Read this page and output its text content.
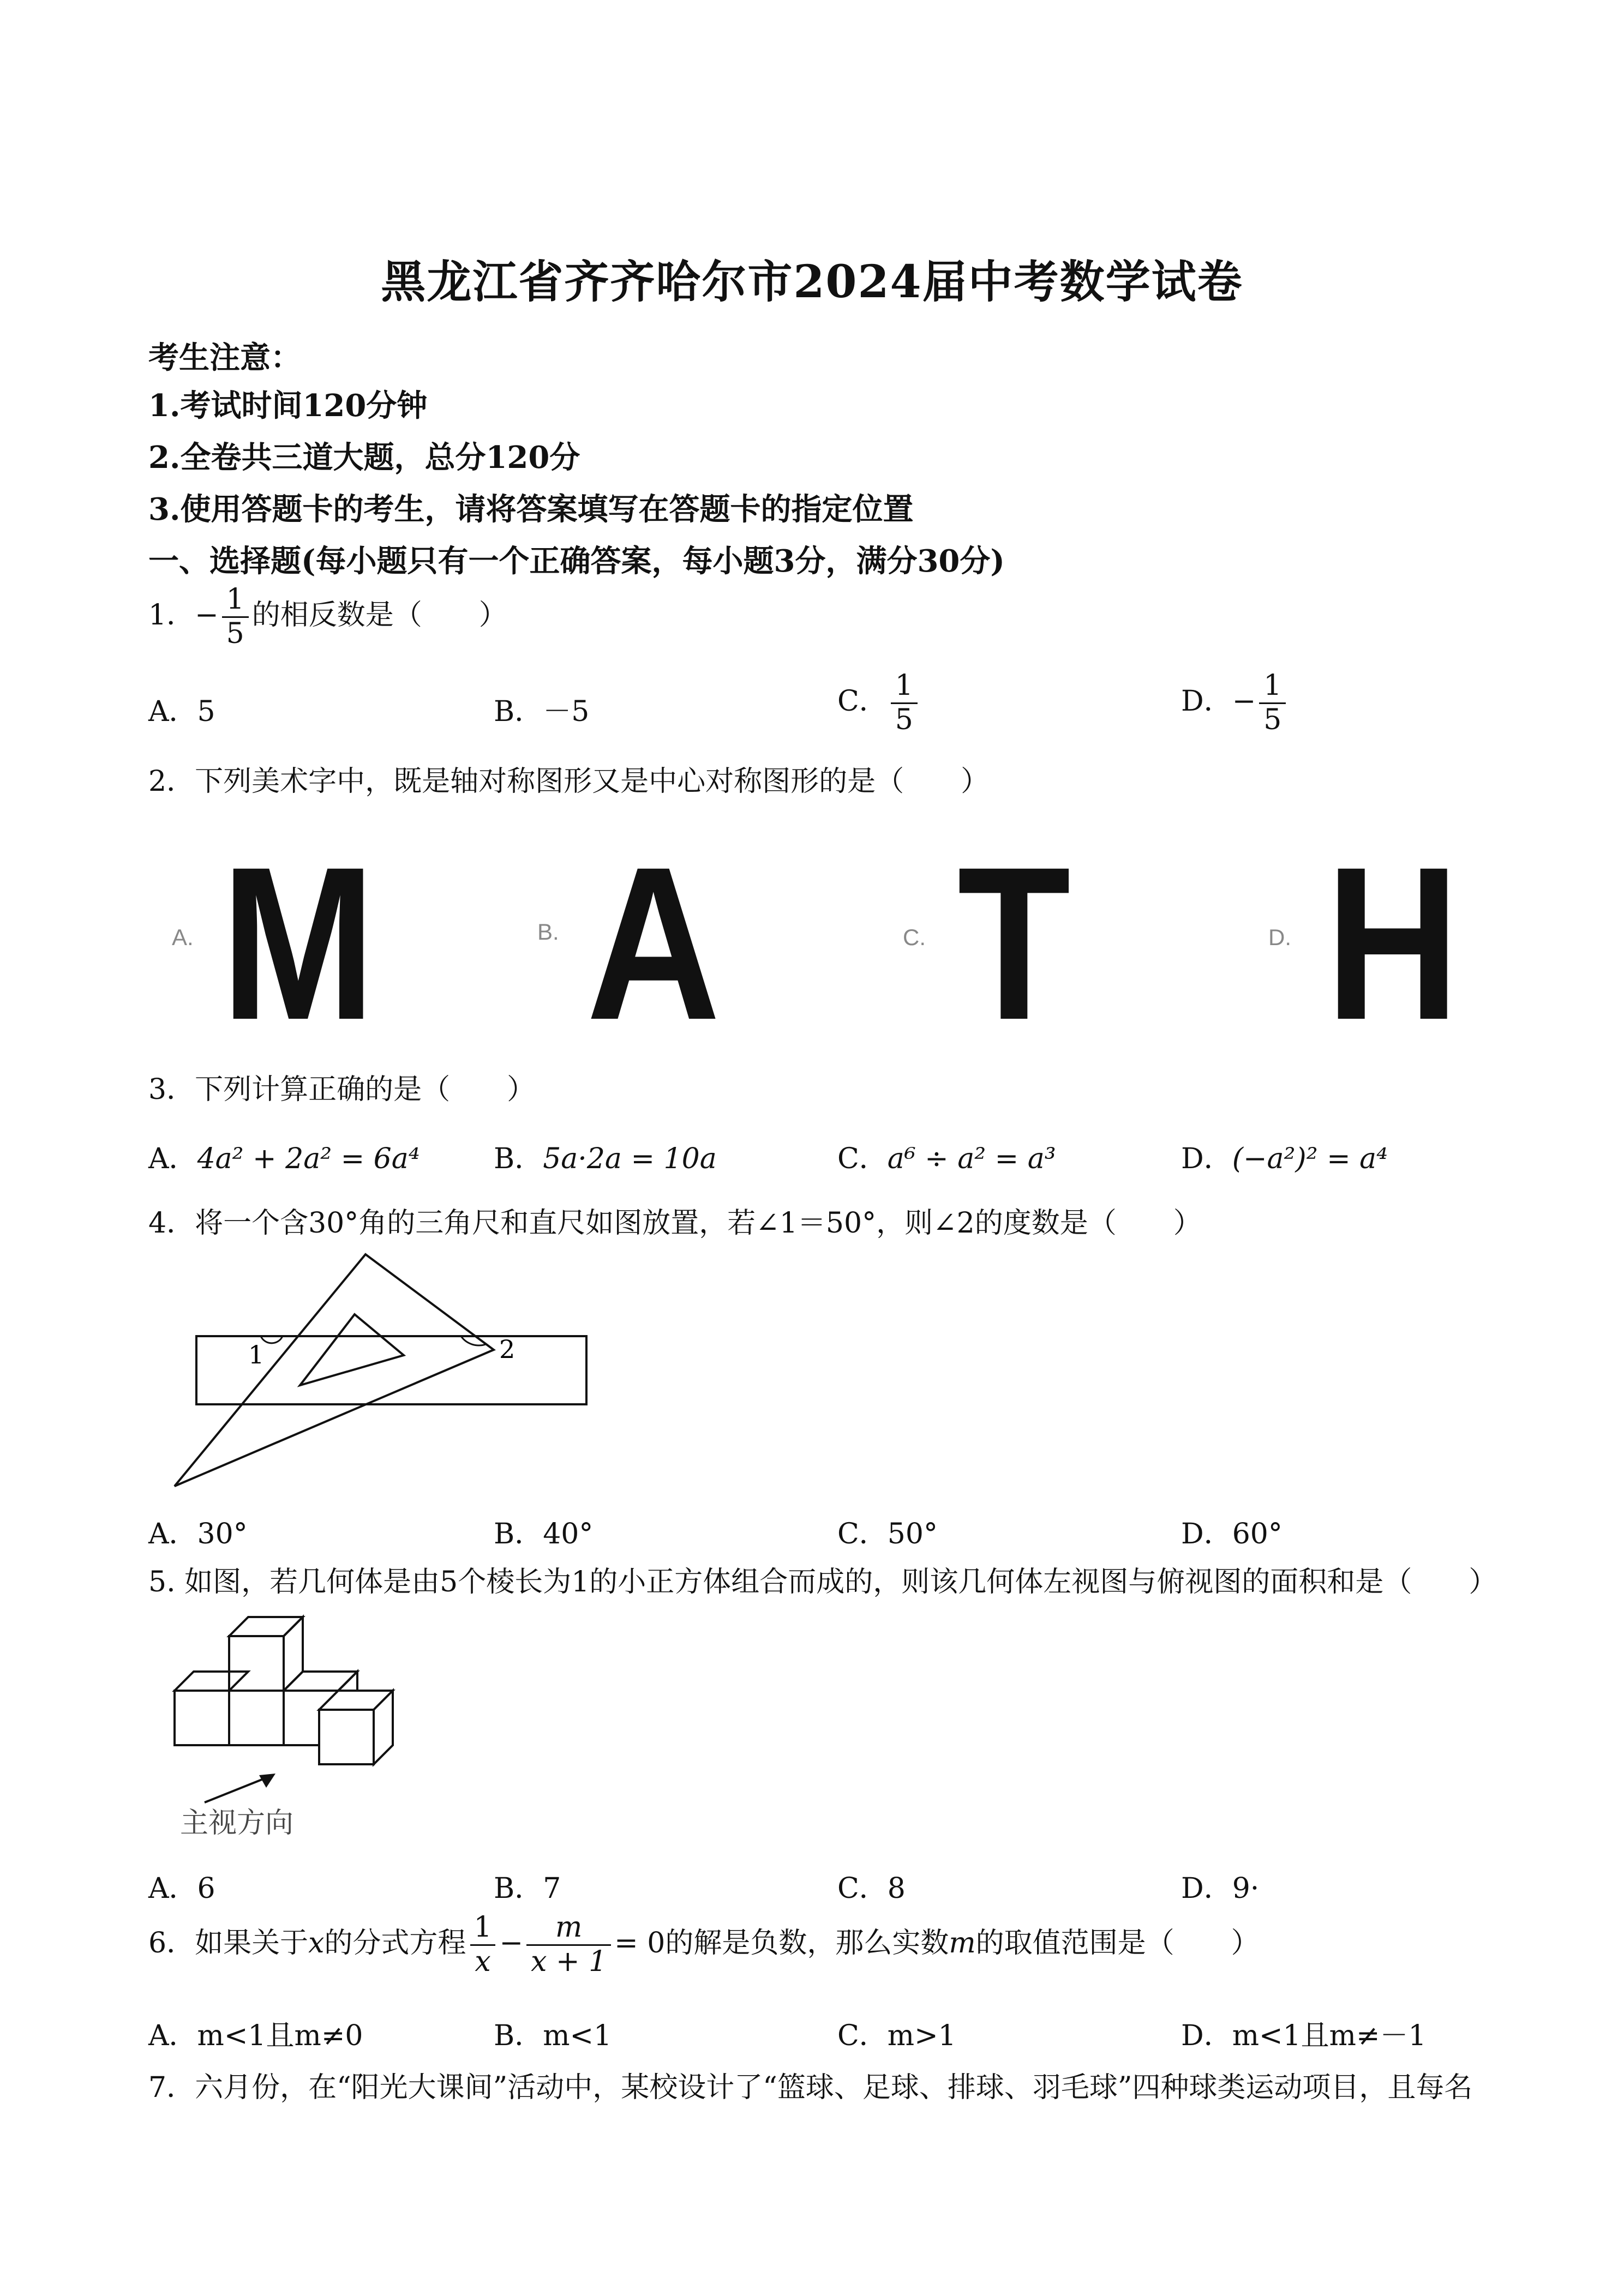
黑龙江省齐齐哈尔市2024届中考数学试卷
考生注意：
1.考试时间120分钟
2.全卷共三道大题，总分120分
3.使用答题卡的考生，请将答案填写在答题卡的指定位置
一、选择题(每小题只有一个正确答案，每小题3分，满分30分)
1．− $\frac{1}{5}$ 的相反数是（　　）
A．5	B．－5	C． $\frac{1}{5}$	D．− $\frac{1}{5}$
2．下列美术字中，既是轴对称图形又是中心对称图形的是（　　）
A. M	B. A	C. T	D. H
3．下列计算正确的是（　　）
A．4a² + 2a² = 6a⁴	B．5a·2a = 10a	C．a⁶ ÷ a² = a³	D．(−a²)² = a⁴
4．将一个含30°角的三角尺和直尺如图放置，若∠1＝50°，则∠2的度数是（　　）
1	2
A．30°	B．40°	C．50°	D．60°
5. 如图，若几何体是由5个棱长为1的小正方体组合而成的，则该几何体左视图与俯视图的面积和是（　　）
主视方向
A．6	B．7	C．8	D．9·
6．如果关于x的分式方程 $\frac{1}{x} - \frac{m}{x + 1} = 0$的解是负数，那么实数m的取值范围是（　　）
A．m<1且m≠0	B．m<1	C．m>1	D．m<1且m≠－1
7．六月份，在“阳光大课间”活动中，某校设计了“篮球、足球、排球、羽毛球”四种球类运动项目，且每名
